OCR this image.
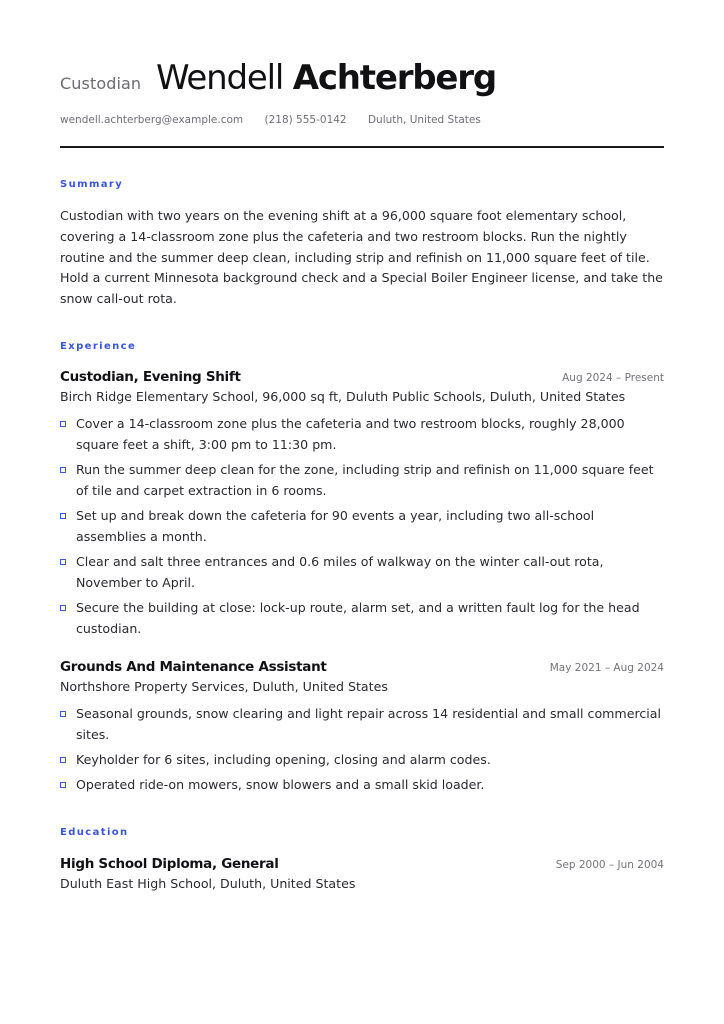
Custodian Wendell Achterberg
wendell.achterberg@example.com (218) 555-0142 Duluth, United States
Summary
Custodian with two years on the evening shift at a 96,000 square foot elementary school, covering a 14-classroom zone plus the cafeteria and two restroom blocks. Run the nightly routine and the summer deep clean, including strip and refinish on 11,000 square feet of tile. Hold a current Minnesota background check and a Special Boiler Engineer license, and take the snow call-out rota.
Experience
Custodian, Evening Shift	Aug 2024 – Present
Birch Ridge Elementary School, 96,000 sq ft, Duluth Public Schools, Duluth, United States
Cover a 14-classroom zone plus the cafeteria and two restroom blocks, roughly 28,000 square feet a shift, 3:00 pm to 11:30 pm.
Run the summer deep clean for the zone, including strip and refinish on 11,000 square feet of tile and carpet extraction in 6 rooms.
Set up and break down the cafeteria for 90 events a year, including two all-school assemblies a month.
Clear and salt three entrances and 0.6 miles of walkway on the winter call-out rota, November to April.
Secure the building at close: lock-up route, alarm set, and a written fault log for the head custodian.
Grounds And Maintenance Assistant	May 2021 – Aug 2024
Northshore Property Services, Duluth, United States
Seasonal grounds, snow clearing and light repair across 14 residential and small commercial sites.
Keyholder for 6 sites, including opening, closing and alarm codes.
Operated ride-on mowers, snow blowers and a small skid loader.
Education
High School Diploma, General	Sep 2000 – Jun 2004
Duluth East High School, Duluth, United States
